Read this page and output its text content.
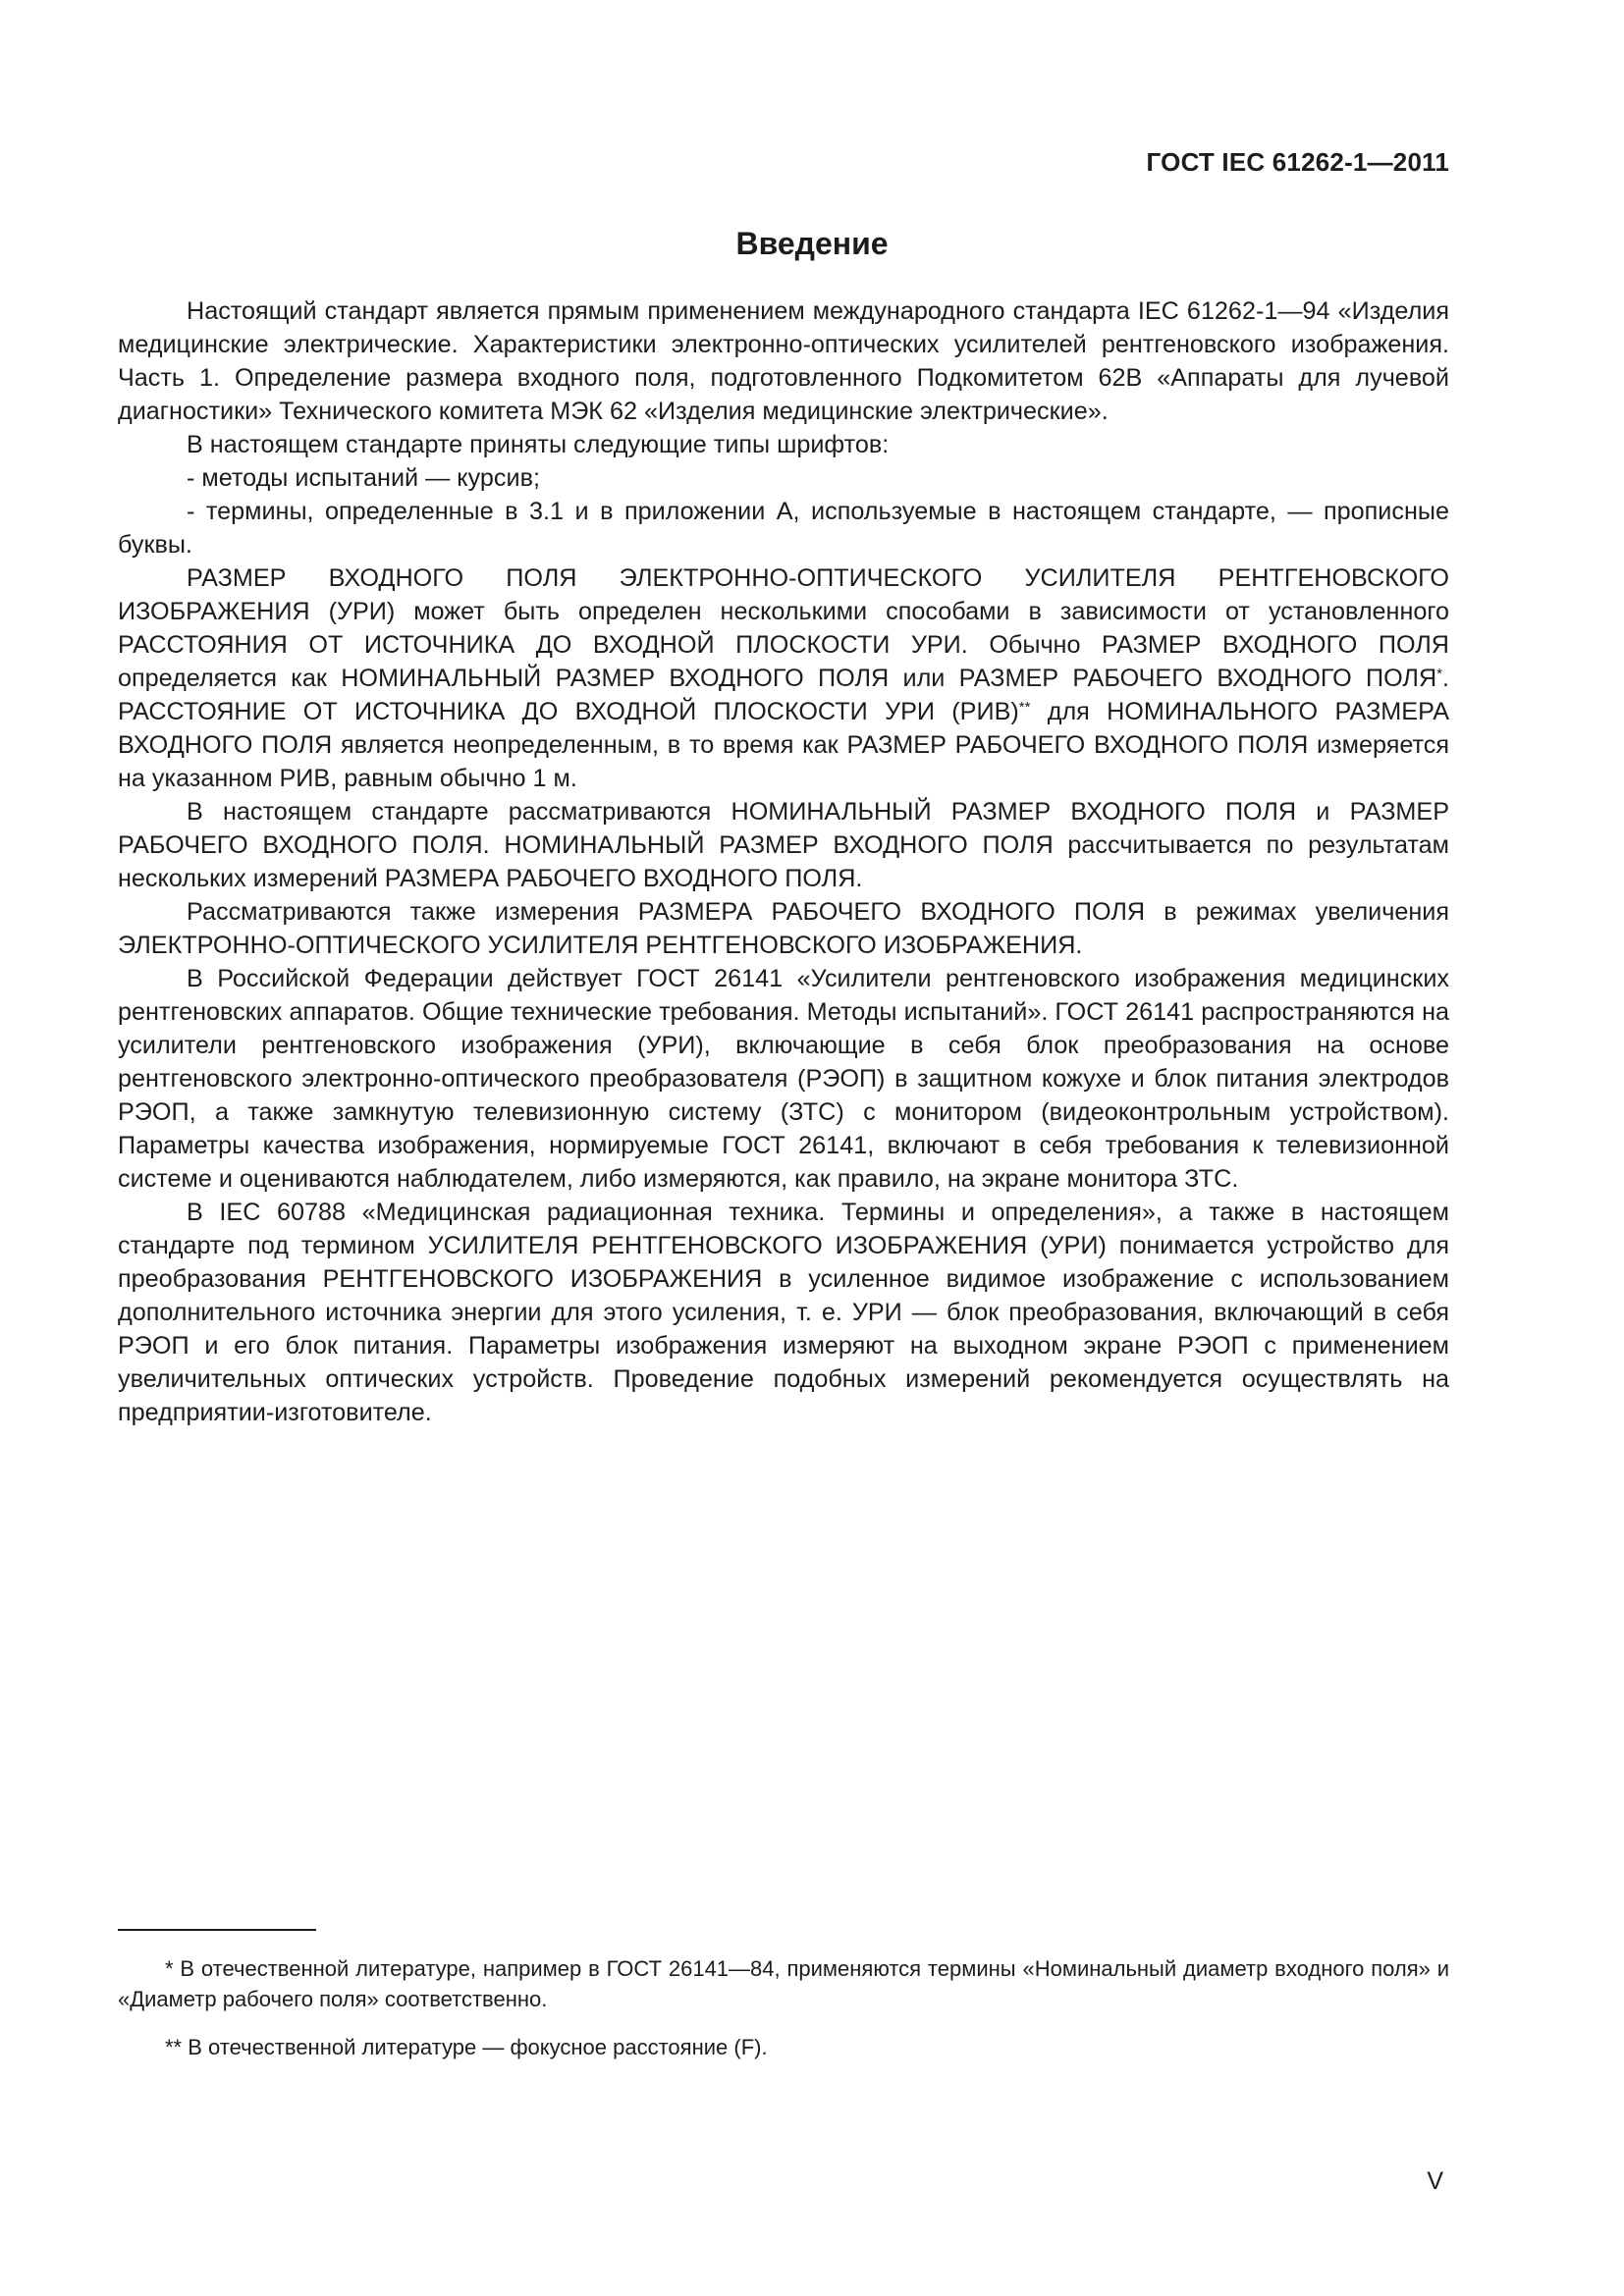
ГОСТ IEC 61262-1—2011
Введение

Настоящий стандарт является прямым применением международного стандарта IEC 61262-1—94 «Изделия медицинские электрические. Характеристики электронно-оптических усилителей рентгеновского изображения. Часть 1. Определение размера входного поля, подготовленного Подкомитетом 62В «Аппараты для лучевой диагностики» Технического комитета МЭК 62 «Изделия медицинские электрические».

В настоящем стандарте приняты следующие типы шрифтов:

- методы испытаний — курсив;

- термины, определенные в 3.1 и в приложении А, используемые в настоящем стандарте, — прописные буквы.

РАЗМЕР ВХОДНОГО ПОЛЯ ЭЛЕКТРОННО-ОПТИЧЕСКОГО УСИЛИТЕЛЯ РЕНТГЕНОВСКОГО ИЗОБРАЖЕНИЯ (УРИ) может быть определен несколькими способами в зависимости от установленного РАССТОЯНИЯ ОТ ИСТОЧНИКА ДО ВХОДНОЙ ПЛОСКОСТИ УРИ. Обычно РАЗМЕР ВХОДНОГО ПОЛЯ определяется как НОМИНАЛЬНЫЙ РАЗМЕР ВХОДНОГО ПОЛЯ или РАЗМЕР РАБОЧЕГО ВХОДНОГО ПОЛЯ*. РАССТОЯНИЕ ОТ ИСТОЧНИКА ДО ВХОДНОЙ ПЛОСКОСТИ УРИ (РИВ)** для НОМИНАЛЬНОГО РАЗМЕРА ВХОДНОГО ПОЛЯ является неопределенным, в то время как РАЗМЕР РАБОЧЕГО ВХОДНОГО ПОЛЯ измеряется на указанном РИВ, равным обычно 1 м.

В настоящем стандарте рассматриваются НОМИНАЛЬНЫЙ РАЗМЕР ВХОДНОГО ПОЛЯ и РАЗМЕР РАБОЧЕГО ВХОДНОГО ПОЛЯ. НОМИНАЛЬНЫЙ РАЗМЕР ВХОДНОГО ПОЛЯ рассчитывается по результатам нескольких измерений РАЗМЕРА РАБОЧЕГО ВХОДНОГО ПОЛЯ.

Рассматриваются также измерения РАЗМЕРА РАБОЧЕГО ВХОДНОГО ПОЛЯ в режимах увеличения ЭЛЕКТРОННО-ОПТИЧЕСКОГО УСИЛИТЕЛЯ РЕНТГЕНОВСКОГО ИЗОБРАЖЕНИЯ.

В Российской Федерации действует ГОСТ 26141 «Усилители рентгеновского изображения медицинских рентгеновских аппаратов. Общие технические требования. Методы испытаний». ГОСТ 26141 распространяются на усилители рентгеновского изображения (УРИ), включающие в себя блок преобразования на основе рентгеновского электронно-оптического преобразователя (РЭОП) в защитном кожухе и блок питания электродов РЭОП, а также замкнутую телевизионную систему (ЗТС) с монитором (видеоконтрольным устройством). Параметры качества изображения, нормируемые ГОСТ 26141, включают в себя требования к телевизионной системе и оцениваются наблюдателем, либо измеряются, как правило, на экране монитора ЗТС.

В IEC 60788 «Медицинская радиационная техника. Термины и определения», а также в настоящем стандарте под термином УСИЛИТЕЛЯ РЕНТГЕНОВСКОГО ИЗОБРАЖЕНИЯ (УРИ) понимается устройство для преобразования РЕНТГЕНОВСКОГО ИЗОБРАЖЕНИЯ в усиленное видимое изображение с использованием дополнительного источника энергии для этого усиления, т. е. УРИ — блок преобразования, включающий в себя РЭОП и его блок питания. Параметры изображения измеряют на выходном экране РЭОП с применением увеличительных оптических устройств. Проведение подобных измерений рекомендуется осуществлять на предприятии-изготовителе.

* В отечественной литературе, например в ГОСТ 26141—84, применяются термины «Номинальный диаметр входного поля» и «Диаметр рабочего поля» соответственно.

** В отечественной литературе — фокусное расстояние (F).

V
